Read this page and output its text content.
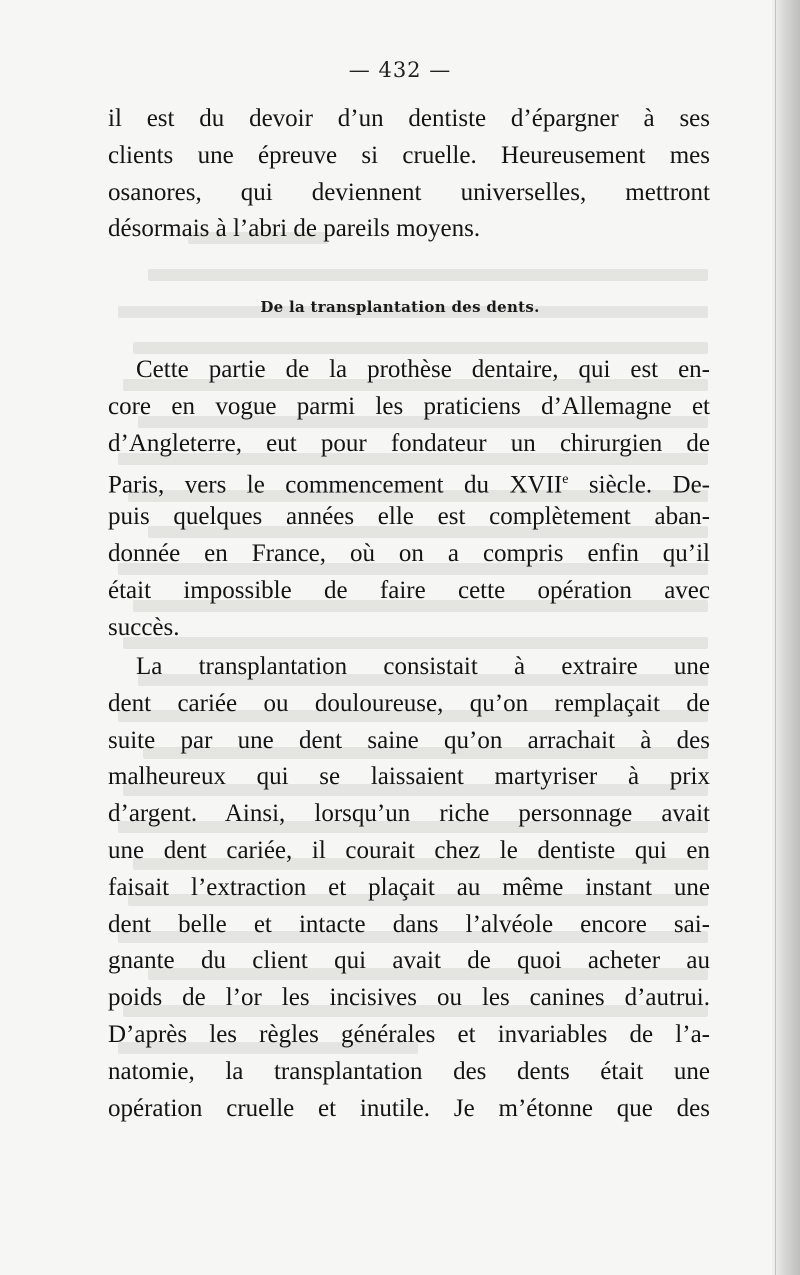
— 432 —
il est du devoir d’un dentiste d’épargner à ses
clients une épreuve si cruelle. Heureusement mes
osanores, qui deviennent universelles, mettront
désormais à l’abri de pareils moyens.
De la transplantation des dents.
Cette partie de la prothèse dentaire, qui est en-
core en vogue parmi les praticiens d’Allemagne et
d’Angleterre, eut pour fondateur un chirurgien de
Paris, vers le commencement du XVIIe siècle. De-
puis quelques années elle est complètement aban-
donnée en France, où on a compris enfin qu’il
était impossible de faire cette opération avec
succès.
La transplantation consistait à extraire une
dent cariée ou douloureuse, qu’on remplaçait de
suite par une dent saine qu’on arrachait à des
malheureux qui se laissaient martyriser à prix
d’argent. Ainsi, lorsqu’un riche personnage avait
une dent cariée, il courait chez le dentiste qui en
faisait l’extraction et plaçait au même instant une
dent belle et intacte dans l’alvéole encore sai-
gnante du client qui avait de quoi acheter au
poids de l’or les incisives ou les canines d’autrui.
D’après les règles générales et invariables de l’a-
natomie, la transplantation des dents était une
opération cruelle et inutile. Je m’étonne que des
